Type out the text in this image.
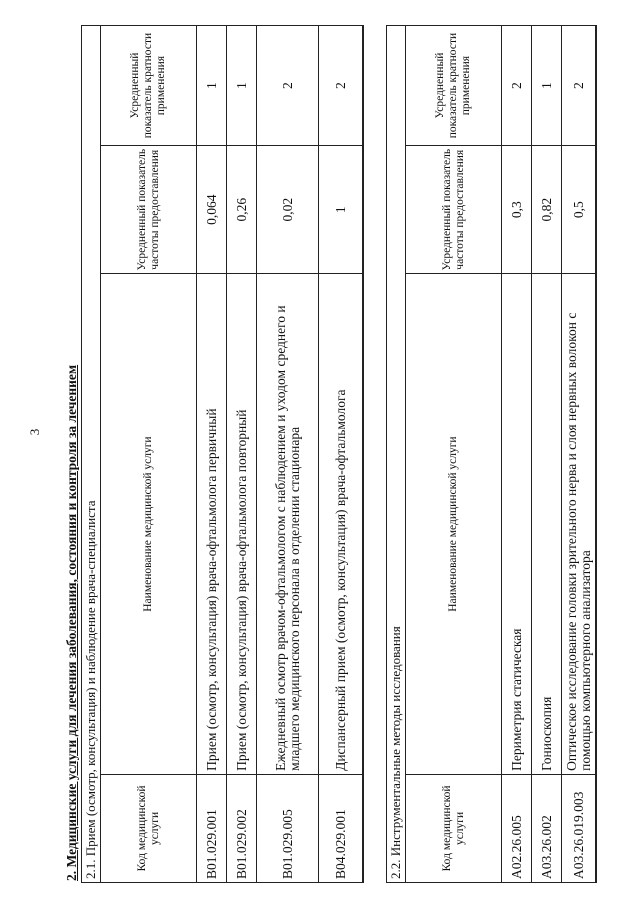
3 2. Медицинские услуги для лечения заболевания, состояния и контроля за лечением 2.1. Прием (осмотр, консультация) и наблюдение врача-специалиста	Код медицинской услуги	Наименование медицинской услуги	Усредненный показатель частоты предоставления	Усредненный показатель кратности применения
B01.029.001	Прием (осмотр, консультация) врача-офтальмолога первичный	0,064	1
B01.029.002	Прием (осмотр, консультация) врача-офтальмолога повторный	0,26	1
B01.029.005	Ежедневный осмотр врачом-офтальмологом с наблюдением и уходом среднего и младшего медицинского персонала в отделении стационара	0,02	2
B04.029.001	Диспансерный прием (осмотр, консультация) врача-офтальмолога	1	2
2.2. Инструментальные методы исследования	Код медицинской услуги	Наименование медицинской услуги	Усредненный показатель частоты предоставления	Усредненный показатель кратности применения
A02.26.005	Периметрия статическая	0,3	2
A03.26.002	Гониоскопия	0,82	1
A03.26.019.003	Оптическое исследование головки зрительного нерва и слоя нервных волокон с помощью компьютерного анализатора	0,5	2
